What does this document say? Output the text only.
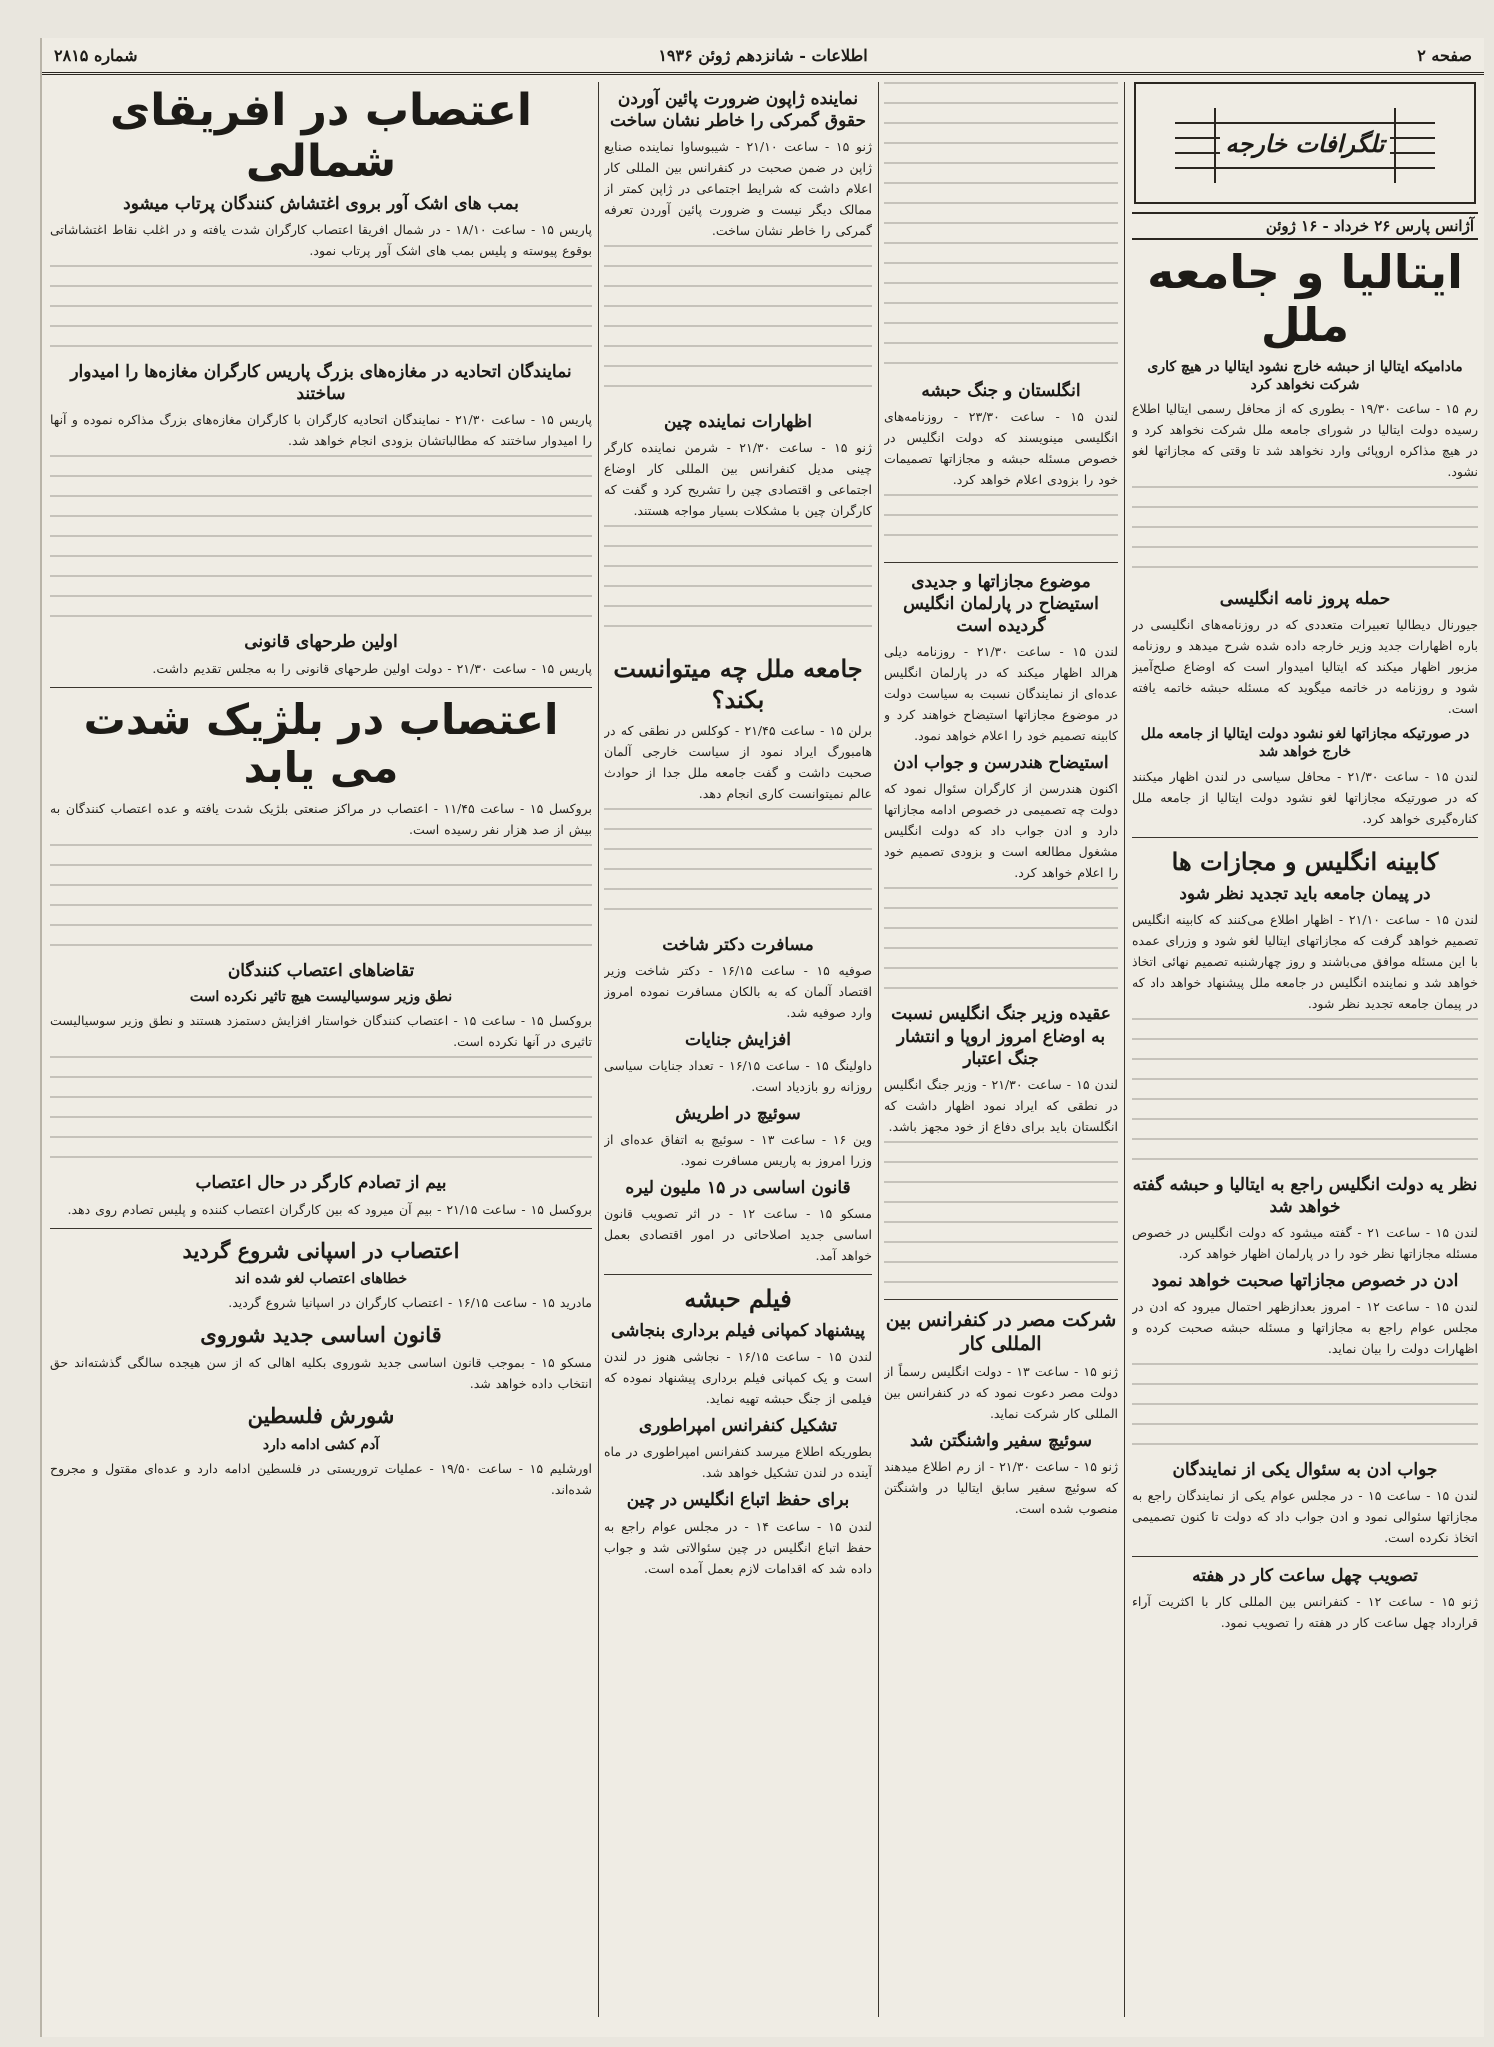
صفحه ۲
اطلاعات - شانزدهم ژوئن ۱۹۳۶
شماره ۲۸۱۵
تلگرافات خارجه
آژانس پارس ۲۶ خرداد - ۱۶ ژوئن
ایتالیا و جامعه ملل
مادامیکه ایتالیا از حبشه خارج نشود ایتالیا در هیچ کاری شرکت نخواهد کرد

رم ۱۵ - ساعت ۱۹/۳۰ - بطوری که از محافل رسمی ایتالیا اطلاع رسیده دولت ایتالیا در شورای جامعه ملل شرکت نخواهد کرد و در هیچ مذاکره اروپائی وارد نخواهد شد تا وقتی که مجازاتها لغو نشود.

حمله پروز نامه انگلیسی

جیورنال دیطالیا تعبیرات متعددی که در روزنامه‌های انگلیسی در باره اظهارات جدید وزیر خارجه داده شده شرح میدهد و روزنامه مزبور اظهار میکند که ایتالیا امیدوار است که اوضاع صلح‌آمیز شود و روزنامه در خاتمه میگوید که مسئله حبشه خاتمه یافته است.

در صورتیکه مجازاتها لغو نشود دولت ایتالیا از جامعه ملل خارج خواهد شد

لندن ۱۵ - ساعت ۲۱/۳۰ - محافل سیاسی در لندن اظهار میکنند که در صورتیکه مجازاتها لغو نشود دولت ایتالیا از جامعه ملل کناره‌گیری خواهد کرد.

کابینه انگلیس و مجازات ها
در پیمان جامعه باید تجدید نظر شود

لندن ۱۵ - ساعت ۲۱/۱۰ - اظهار اطلاع می‌کنند که کابینه انگلیس تصمیم خواهد گرفت که مجازاتهای ایتالیا لغو شود و وزرای عمده با این مسئله موافق می‌باشند و روز چهارشنبه تصمیم نهائی اتخاذ خواهد شد و نماینده انگلیس در جامعه ملل پیشنهاد خواهد داد که در پیمان جامعه تجدید نظر شود.

نظر یه دولت انگلیس راجع به ایتالیا و حبشه گفته خواهد شد

لندن ۱۵ - ساعت ۲۱ - گفته میشود که دولت انگلیس در خصوص مسئله مجازاتها نظر خود را در پارلمان اظهار خواهد کرد.

ادن در خصوص مجازاتها صحبت خواهد نمود

لندن ۱۵ - ساعت ۱۲ - امروز بعدازظهر احتمال میرود که ادن در مجلس عوام راجع به مجازاتها و مسئله حبشه صحبت کرده و اظهارات دولت را بیان نماید.

جواب ادن به سئوال یکی از نمایندگان

لندن ۱۵ - ساعت ۱۵ - در مجلس عوام یکی از نمایندگان راجع به مجازاتها سئوالی نمود و ادن جواب داد که دولت تا کنون تصمیمی اتخاذ نکرده است.

تصویب چهل ساعت کار در هفته

ژنو ۱۵ - ساعت ۱۲ - کنفرانس بین المللی کار با اکثریت آراء قرارداد چهل ساعت کار در هفته را تصویب نمود.

انگلستان و جنگ حبشه

لندن ۱۵ - ساعت ۲۳/۳۰ - روزنامه‌های انگلیسی مینویسند که دولت انگلیس در خصوص مسئله حبشه و مجازاتها تصمیمات خود را بزودی اعلام خواهد کرد.

موضوع مجازاتها و جدیدی استیضاح در پارلمان انگلیس گردیده است

لندن ۱۵ - ساعت ۲۱/۳۰ - روزنامه دیلی هرالد اظهار میکند که در پارلمان انگلیس عده‌ای از نمایندگان نسبت به سیاست دولت در موضوع مجازاتها استیضاح خواهند کرد و کابینه تصمیم خود را اعلام خواهد نمود.

استیضاح هندرسن و جواب ادن

اکنون هندرسن از کارگران سئوال نمود که دولت چه تصمیمی در خصوص ادامه مجازاتها دارد و ادن جواب داد که دولت انگلیس مشغول مطالعه است و بزودی تصمیم خود را اعلام خواهد کرد.

عقیده وزیر جنگ انگلیس نسبت به اوضاع امروز اروپا و انتشار جنگ اعتبار

لندن ۱۵ - ساعت ۲۱/۳۰ - وزیر جنگ انگلیس در نطقی که ایراد نمود اظهار داشت که انگلستان باید برای دفاع از خود مجهز باشد.

شرکت مصر در کنفرانس بین المللی کار

ژنو ۱۵ - ساعت ۱۳ - دولت انگلیس رسماً از دولت مصر دعوت نمود که در کنفرانس بین المللی کار شرکت نماید.

سوئیچ سفیر واشنگتن شد

ژنو ۱۵ - ساعت ۲۱/۳۰ - از رم اطلاع میدهند که سوئیچ سفیر سابق ایتالیا در واشنگتن منصوب شده است.

نماینده ژاپون ضرورت پائین آوردن حقوق گمرکی را خاطر نشان ساخت

ژنو ۱۵ - ساعت ۲۱/۱۰ - شیبوساوا نماینده صنایع ژاپن در ضمن صحبت در کنفرانس بین المللی کار اعلام داشت که شرایط اجتماعی در ژاپن کمتر از ممالک دیگر نیست و ضرورت پائین آوردن تعرفه گمرکی را خاطر نشان ساخت.

اظهارات نماینده چین

ژنو ۱۵ - ساعت ۲۱/۳۰ - شرمن نماینده کارگر چینی مدیل کنفرانس بین المللی کار اوضاع اجتماعی و اقتصادی چین را تشریح کرد و گفت که کارگران چین با مشکلات بسیار مواجه هستند.

جامعه ملل چه میتوانست بکند؟

برلن ۱۵ - ساعت ۲۱/۴۵ - کوکلس در نطقی که در هامبورگ ایراد نمود از سیاست خارجی آلمان صحبت داشت و گفت جامعه ملل جدا از حوادث عالم نمیتوانست کاری انجام دهد.

مسافرت دکتر شاخت

صوفیه ۱۵ - ساعت ۱۶/۱۵ - دکتر شاخت وزیر اقتصاد آلمان که به بالکان مسافرت نموده امروز وارد صوفیه شد.

افزایش جنایات

داولینگ ۱۵ - ساعت ۱۶/۱۵ - تعداد جنایات سیاسی روزانه رو بازدیاد است.

سوئیچ در اطریش

وین ۱۶ - ساعت ۱۳ - سوئیچ به اتفاق عده‌ای از وزرا امروز به پاریس مسافرت نمود.

قانون اساسی در ۱۵ ملیون لیره

مسکو ۱۵ - ساعت ۱۲ - در اثر تصویب قانون اساسی جدید اصلاحاتی در امور اقتصادی بعمل خواهد آمد.

فیلم حبشه
پیشنهاد کمپانی فیلم برداری بنجاشی

لندن ۱۵ - ساعت ۱۶/۱۵ - نجاشی هنوز در لندن است و یک کمپانی فیلم برداری پیشنهاد نموده که فیلمی از جنگ حبشه تهیه نماید.

تشکیل کنفرانس امپراطوری

بطوریکه اطلاع میرسد کنفرانس امپراطوری در ماه آینده در لندن تشکیل خواهد شد.

برای حفظ اتباع انگلیس در چین

لندن ۱۵ - ساعت ۱۴ - در مجلس عوام راجع به حفظ اتباع انگلیس در چین سئوالاتی شد و جواب داده شد که اقدامات لازم بعمل آمده است.

اعتصاب در افریقای شمالی
بمب های اشک آور بروی اغتشاش کنندگان پرتاب میشود

پاریس ۱۵ - ساعت ۱۸/۱۰ - در شمال افریقا اعتصاب کارگران شدت یافته و در اغلب نقاط اغتشاشاتی بوقوع پیوسته و پلیس بمب های اشک آور پرتاب نمود.

نمایندگان اتحادیه در مغازه‌های بزرگ پاریس کارگران مغازه‌ها را امیدوار ساختند

پاریس ۱۵ - ساعت ۲۱/۳۰ - نمایندگان اتحادیه کارگران با کارگران مغازه‌های بزرگ مذاکره نموده و آنها را امیدوار ساختند که مطالباتشان بزودی انجام خواهد شد.

اولین طرحهای قانونی

پاریس ۱۵ - ساعت ۲۱/۳۰ - دولت اولین طرحهای قانونی را به مجلس تقدیم داشت.

اعتصاب در بلژیک شدت می یابد

بروکسل ۱۵ - ساعت ۱۱/۴۵ - اعتصاب در مراکز صنعتی بلژیک شدت یافته و عده اعتصاب کنندگان به بیش از صد هزار نفر رسیده است.

تقاضاهای اعتصاب کنندگان
نطق وزیر سوسیالیست هیچ تاثیر نکرده است

بروکسل ۱۵ - ساعت ۱۵ - اعتصاب کنندگان خواستار افزایش دستمزد هستند و نطق وزیر سوسیالیست تاثیری در آنها نکرده است.

بیم از تصادم کارگر در حال اعتصاب

بروکسل ۱۵ - ساعت ۲۱/۱۵ - بیم آن میرود که بین کارگران اعتصاب کننده و پلیس تصادم روی دهد.

اعتصاب در اسپانی شروع گردید
خطاهای اعتصاب لغو شده اند

مادرید ۱۵ - ساعت ۱۶/۱۵ - اعتصاب کارگران در اسپانیا شروع گردید.

قانون اساسی جدید شوروی

مسکو ۱۵ - بموجب قانون اساسی جدید شوروی بکلیه اهالی که از سن هیجده سالگی گذشته‌اند حق انتخاب داده خواهد شد.

شورش فلسطین
آدم کشی ادامه دارد

اورشلیم ۱۵ - ساعت ۱۹/۵۰ - عملیات تروریستی در فلسطین ادامه دارد و عده‌ای مقتول و مجروح شده‌اند.
